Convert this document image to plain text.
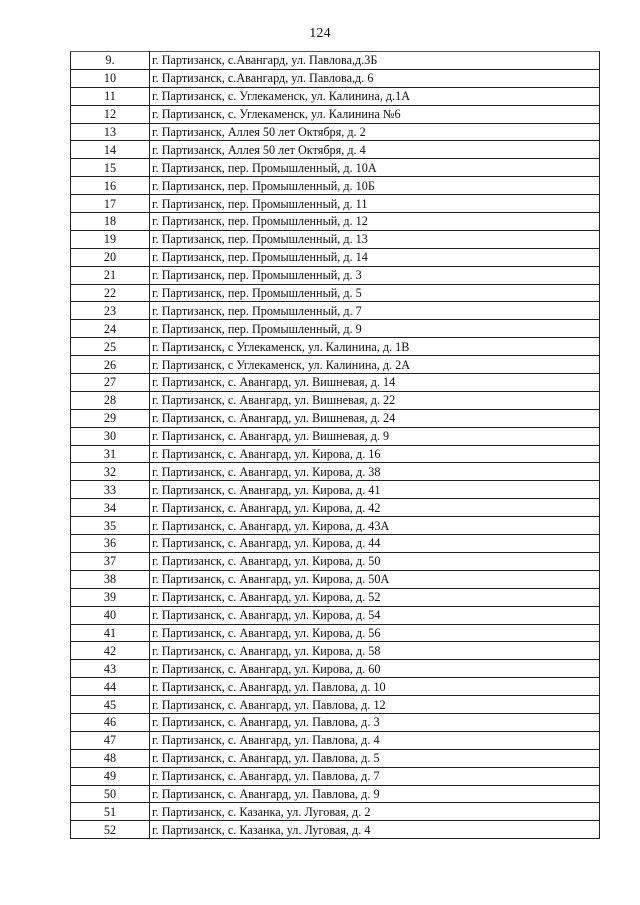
124
9.	г. Партизанск, с.Авангард, ул. Павлова,д.3Б
10	г. Партизанск, с.Авангард, ул. Павлова,д. 6
11	г. Партизанск, с. Углекаменск, ул. Калинина, д.1А
12	г. Партизанск, с. Углекаменск, ул. Калинина №6
13	г. Партизанск, Аллея 50 лет Октября, д. 2
14	г. Партизанск, Аллея 50 лет Октября, д. 4
15	г. Партизанск, пер. Промышленный, д. 10А
16	г. Партизанск, пер. Промышленный, д. 10Б
17	г. Партизанск, пер. Промышленный, д. 11
18	г. Партизанск, пер. Промышленный, д. 12
19	г. Партизанск, пер. Промышленный, д. 13
20	г. Партизанск, пер. Промышленный, д. 14
21	г. Партизанск, пер. Промышленный, д. 3
22	г. Партизанск, пер. Промышленный, д. 5
23	г. Партизанск, пер. Промышленный, д. 7
24	г. Партизанск, пер. Промышленный, д. 9
25	г. Партизанск, с Углекаменск, ул. Калинина, д. 1В
26	г. Партизанск, с Углекаменск, ул. Калинина, д. 2А
27	г. Партизанск, с. Авангард, ул. Вишневая, д. 14
28	г. Партизанск, с. Авангард, ул. Вишневая, д. 22
29	г. Партизанск, с. Авангард, ул. Вишневая, д. 24
30	г. Партизанск, с. Авангард, ул. Вишневая, д. 9
31	г. Партизанск, с. Авангард, ул. Кирова, д. 16
32	г. Партизанск, с. Авангард, ул. Кирова, д. 38
33	г. Партизанск, с. Авангард, ул. Кирова, д. 41
34	г. Партизанск, с. Авангард, ул. Кирова, д. 42
35	г. Партизанск, с. Авангард, ул. Кирова, д. 43А
36	г. Партизанск, с. Авангард, ул. Кирова, д. 44
37	г. Партизанск, с. Авангард, ул. Кирова, д. 50
38	г. Партизанск, с. Авангард, ул. Кирова, д. 50А
39	г. Партизанск, с. Авангард, ул. Кирова, д. 52
40	г. Партизанск, с. Авангард, ул. Кирова, д. 54
41	г. Партизанск, с. Авангард, ул. Кирова, д. 56
42	г. Партизанск, с. Авангард, ул. Кирова, д. 58
43	г. Партизанск, с. Авангард, ул. Кирова, д. 60
44	г. Партизанск, с. Авангард, ул. Павлова, д. 10
45	г. Партизанск, с. Авангард, ул. Павлова, д. 12
46	г. Партизанск, с. Авангард, ул. Павлова, д. 3
47	г. Партизанск, с. Авангард, ул. Павлова, д. 4
48	г. Партизанск, с. Авангард, ул. Павлова, д. 5
49	г. Партизанск, с. Авангард, ул. Павлова, д. 7
50	г. Партизанск, с. Авангард, ул. Павлова, д. 9
51	г. Партизанск, с. Казанка, ул. Луговая, д. 2
52	г. Партизанск, с. Казанка, ул. Луговая, д. 4
